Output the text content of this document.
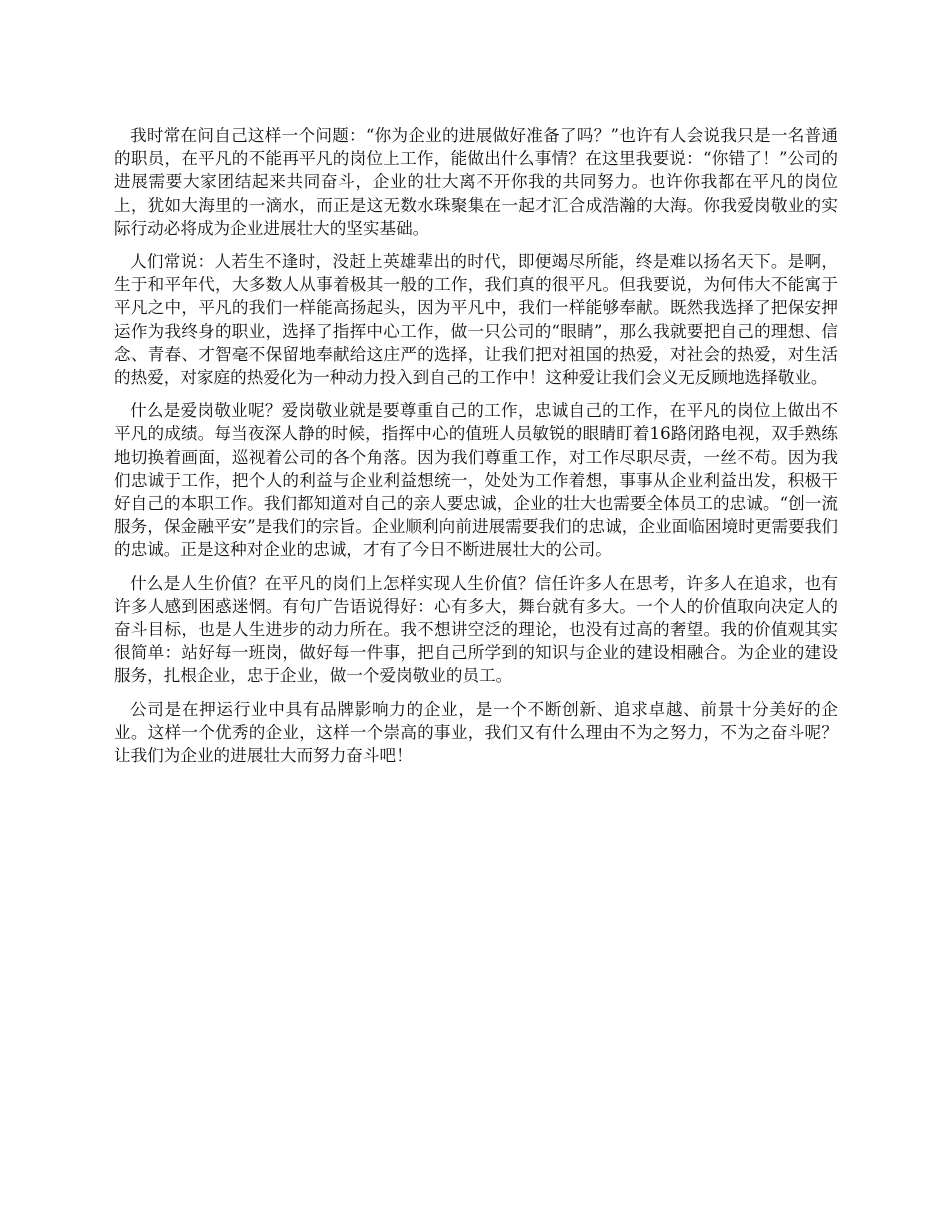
我时常在问自己这样一个问题：“你为企业的进展做好准备了吗？”也许有人会说我只是一名普通的职员，在平凡的不能再平凡的岗位上工作，能做出什么事情？在这里我要说：“你错了！”公司的进展需要大家团结起来共同奋斗，企业的壮大离不开你我的共同努力。也许你我都在平凡的岗位上，犹如大海里的一滴水，而正是这无数水珠聚集在一起才汇合成浩瀚的大海。你我爱岗敬业的实际行动必将成为企业进展壮大的坚实基础。

人们常说：人若生不逢时，没赶上英雄辈出的时代，即便竭尽所能，终是难以扬名天下。是啊，生于和平年代，大多数人从事着极其一般的工作，我们真的很平凡。但我要说，为何伟大不能寓于平凡之中，平凡的我们一样能高扬起头，因为平凡中，我们一样能够奉献。既然我选择了把保安押运作为我终身的职业，选择了指挥中心工作，做一只公司的“眼睛”，那么我就要把自己的理想、信念、青春、才智毫不保留地奉献给这庄严的选择，让我们把对祖国的热爱，对社会的热爱，对生活的热爱，对家庭的热爱化为一种动力投入到自己的工作中！这种爱让我们会义无反顾地选择敬业。

什么是爱岗敬业呢？爱岗敬业就是要尊重自己的工作，忠诚自己的工作，在平凡的岗位上做出不平凡的成绩。每当夜深人静的时候，指挥中心的值班人员敏锐的眼睛盯着16路闭路电视，双手熟练地切换着画面，巡视着公司的各个角落。因为我们尊重工作，对工作尽职尽责，一丝不苟。因为我们忠诚于工作，把个人的利益与企业利益想统一，处处为工作着想，事事从企业利益出发，积极干好自己的本职工作。我们都知道对自己的亲人要忠诚，企业的壮大也需要全体员工的忠诚。“创一流服务，保金融平安”是我们的宗旨。企业顺利向前进展需要我们的忠诚，企业面临困境时更需要我们的忠诚。正是这种对企业的忠诚，才有了今日不断进展壮大的公司。

什么是人生价值？在平凡的岗们上怎样实现人生价值？信任许多人在思考，许多人在追求，也有许多人感到困惑迷惘。有句广告语说得好：心有多大，舞台就有多大。一个人的价值取向决定人的奋斗目标，也是人生进步的动力所在。我不想讲空泛的理论，也没有过高的奢望。我的价值观其实很简单：站好每一班岗，做好每一件事，把自己所学到的知识与企业的建设相融合。为企业的建设服务，扎根企业，忠于企业，做一个爱岗敬业的员工。

公司是在押运行业中具有品牌影响力的企业，是一个不断创新、追求卓越、前景十分美好的企业。这样一个优秀的企业，这样一个崇高的事业，我们又有什么理由不为之努力，不为之奋斗呢？让我们为企业的进展壮大而努力奋斗吧！
